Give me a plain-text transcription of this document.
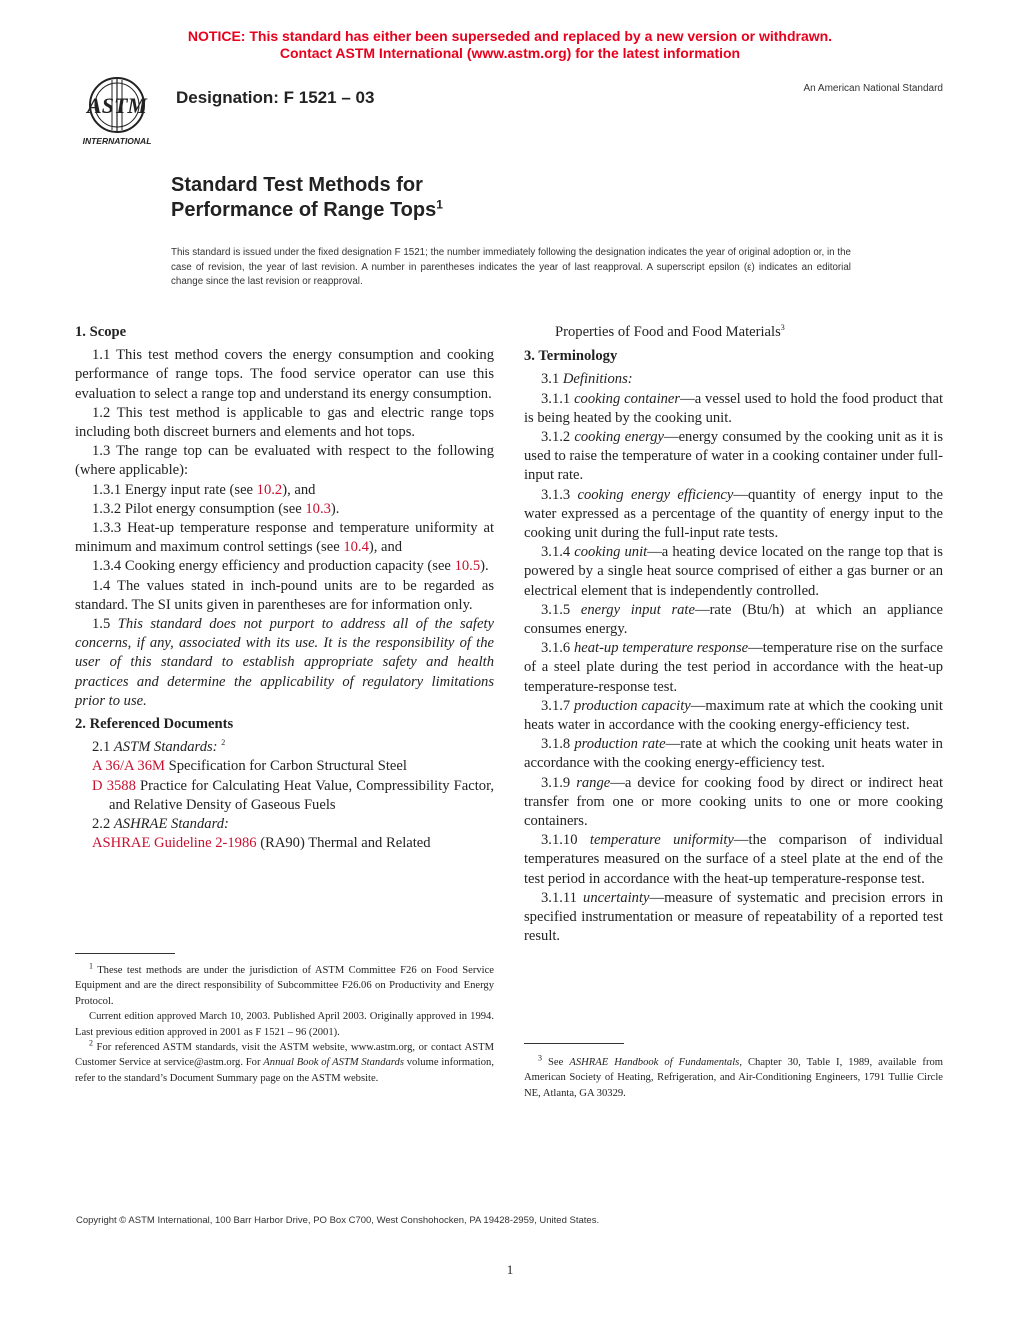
NOTICE: This standard has either been superseded and replaced by a new version or withdrawn.
Contact ASTM International (www.astm.org) for the latest information
ASTM
INTERNATIONAL
Designation: F 1521 – 03	An American National Standard
Standard Test Methods for
Performance of Range Tops$^1$
This standard is issued under the fixed designation F 1521; the number immediately following the designation indicates the year of original adoption or, in the case of revision, the year of last revision. A number in parentheses indicates the year of last reapproval. A superscript epsilon (ε) indicates an editorial change since the last revision or reapproval.

1. Scope

1.1 This test method covers the energy consumption and cooking performance of range tops. The food service operator can use this evaluation to select a range top and understand its energy consumption.

1.2 This test method is applicable to gas and electric range tops including both discreet burners and elements and hot tops.

1.3 The range top can be evaluated with respect to the following (where applicable):

1.3.1 Energy input rate (see 10.2), and

1.3.2 Pilot energy consumption (see 10.3).

1.3.3 Heat-up temperature response and temperature uniformity at minimum and maximum control settings (see 10.4), and

1.3.4 Cooking energy efficiency and production capacity (see 10.5).

1.4 The values stated in inch-pound units are to be regarded as standard. The SI units given in parentheses are for information only.

1.5 This standard does not purport to address all of the safety concerns, if any, associated with its use. It is the responsibility of the user of this standard to establish appropriate safety and health practices and determine the applicability of regulatory limitations prior to use.

2. Referenced Documents

2.1 ASTM Standards: $^2$

A 36/A 36M Specification for Carbon Structural Steel

D 3588 Practice for Calculating Heat Value, Compressibility Factor, and Relative Density of Gaseous Fuels

2.2 ASHRAE Standard:

ASHRAE Guideline 2-1986 (RA90) Thermal and Related

$^1$ These test methods are under the jurisdiction of ASTM Committee F26 on Food Service Equipment and are the direct responsibility of Subcommittee F26.06 on Productivity and Energy Protocol.

Current edition approved March 10, 2003. Published April 2003. Originally approved in 1994. Last previous edition approved in 2001 as F 1521 – 96 (2001).

$^2$ For referenced ASTM standards, visit the ASTM website, www.astm.org, or contact ASTM Customer Service at service@astm.org. For Annual Book of ASTM Standards volume information, refer to the standard’s Document Summary page on the ASTM website.

Properties of Food and Food Materials$^3$

3. Terminology

3.1 Definitions:

3.1.1 cooking container—a vessel used to hold the food product that is being heated by the cooking unit.

3.1.2 cooking energy—energy consumed by the cooking unit as it is used to raise the temperature of water in a cooking container under full-input rate.

3.1.3 cooking energy efficiency—quantity of energy input to the water expressed as a percentage of the quantity of energy input to the cooking unit during the full-input rate tests.

3.1.4 cooking unit—a heating device located on the range top that is powered by a single heat source comprised of either a gas burner or an electrical element that is independently controlled.

3.1.5 energy input rate—rate (Btu/h) at which an appliance consumes energy.

3.1.6 heat-up temperature response—temperature rise on the surface of a steel plate during the test period in accordance with the heat-up temperature-response test.

3.1.7 production capacity—maximum rate at which the cooking unit heats water in accordance with the cooking energy-efficiency test.

3.1.8 production rate—rate at which the cooking unit heats water in accordance with the cooking energy-efficiency test.

3.1.9 range—a device for cooking food by direct or indirect heat transfer from one or more cooking units to one or more cooking containers.

3.1.10 temperature uniformity—the comparison of individual temperatures measured on the surface of a steel plate at the end of the test period in accordance with the heat-up temperature-response test.

3.1.11 uncertainty—measure of systematic and precision errors in specified instrumentation or measure of repeatability of a reported test result.

$^3$ See ASHRAE Handbook of Fundamentals, Chapter 30, Table I, 1989, available from American Society of Heating, Refrigeration, and Air-Conditioning Engineers, 1791 Tullie Circle NE, Atlanta, GA 30329.

Copyright © ASTM International, 100 Barr Harbor Drive, PO Box C700, West Conshohocken, PA 19428-2959, United States.
1
